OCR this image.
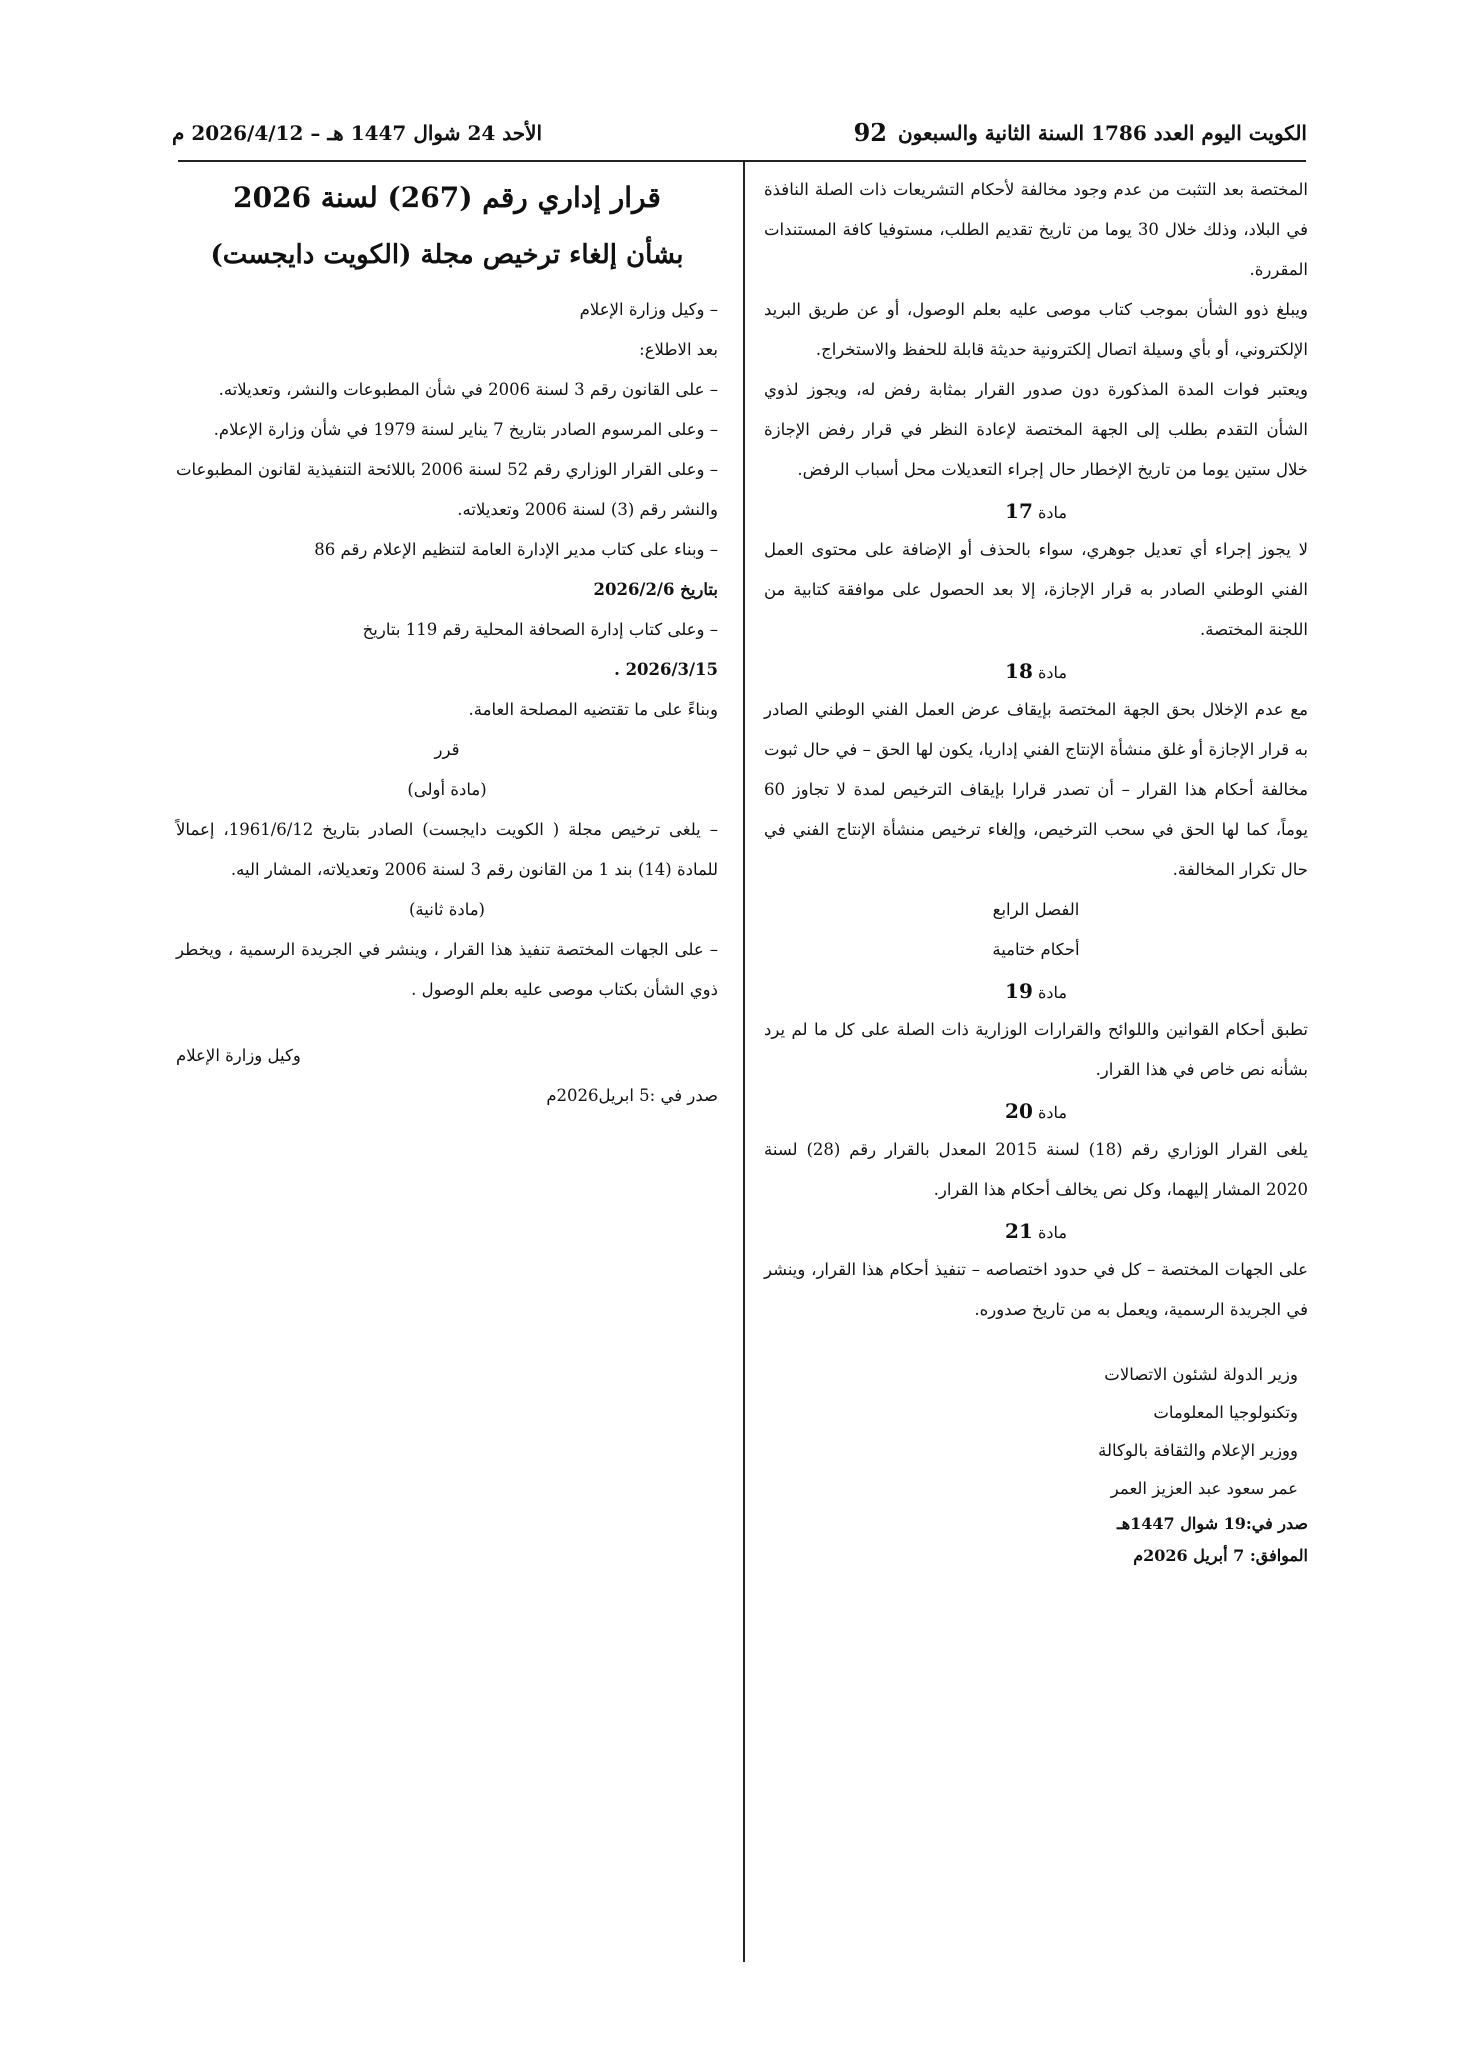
الكويت اليوم العدد 1786 السنة الثانية والسبعون
92
الأحد 24 شوال 1447 هـ – 2026/4/12 م

المختصة بعد التثبت من عدم وجود مخالفة لأحكام التشريعات ذات الصلة النافذة في البلاد، وذلك خلال 30 يوما من تاريخ تقديم الطلب، مستوفيا كافة المستندات المقررة.

ويبلغ ذوو الشأن بموجب كتاب موصى عليه بعلم الوصول، أو عن طريق البريد الإلكتروني، أو بأي وسيلة اتصال إلكترونية حديثة قابلة للحفظ والاستخراج.

ويعتبر فوات المدة المذكورة دون صدور القرار بمثابة رفض له، ويجوز لذوي الشأن التقدم بطلب إلى الجهة المختصة لإعادة النظر في قرار رفض الإجازة خلال ستين يوما من تاريخ الإخطار حال إجراء التعديلات محل أسباب الرفض.

مادة 17

لا يجوز إجراء أي تعديل جوهري، سواء بالحذف أو الإضافة على محتوى العمل الفني الوطني الصادر به قرار الإجازة، إلا بعد الحصول على موافقة كتابية من اللجنة المختصة.

مادة 18

مع عدم الإخلال بحق الجهة المختصة بإيقاف عرض العمل الفني الوطني الصادر به قرار الإجازة أو غلق منشأة الإنتاج الفني إداريا، يكون لها الحق – في حال ثبوت مخالفة أحكام هذا القرار – أن تصدر قرارا بإيقاف الترخيص لمدة لا تجاوز 60 يوماً، كما لها الحق في سحب الترخيص، وإلغاء ترخيص منشأة الإنتاج الفني في حال تكرار المخالفة.

الفصل الرابع

أحكام ختامية

مادة 19

تطبق أحكام القوانين واللوائح والقرارات الوزارية ذات الصلة على كل ما لم يرد بشأنه نص خاص في هذا القرار.

مادة 20

يلغى القرار الوزاري رقم (18) لسنة 2015 المعدل بالقرار رقم (28) لسنة 2020 المشار إليهما، وكل نص يخالف أحكام هذا القرار.

مادة 21

على الجهات المختصة – كل في حدود اختصاصه – تنفيذ أحكام هذا القرار، وينشر في الجريدة الرسمية، ويعمل به من تاريخ صدوره.

وزير الدولة لشئون الاتصالات

وتكنولوجيا المعلومات

ووزير الإعلام والثقافة بالوكالة

عمر سعود عبد العزيز العمر

صدر في:19 شوال 1447هـ

الموافق: 7 أبريل 2026م

قرار إداري رقم (267) لسنة 2026
بشأن إلغاء ترخيص مجلة (الكويت دايجست)

– وكيل وزارة الإعلام

بعد الاطلاع:

– على القانون رقم 3 لسنة 2006 في شأن المطبوعات والنشر، وتعديلاته.

– وعلى المرسوم الصادر بتاريخ 7 يناير لسنة 1979 في شأن وزارة الإعلام.

– وعلى القرار الوزاري رقم 52 لسنة 2006 باللائحة التنفيذية لقانون المطبوعات والنشر رقم (3) لسنة 2006 وتعديلاته.

– وبناء على كتاب مدير الإدارة العامة لتنظيم الإعلام رقم 86

بتاريخ 2026/2/6

– وعلى كتاب إدارة الصحافة المحلية رقم 119 بتاريخ

2026/3/15 .

وبناءً على ما تقتضيه المصلحة العامة.

قرر

(مادة أولى)

– يلغى ترخيص مجلة ( الكويت دايجست) الصادر بتاريخ 1961/6/12، إعمالاً للمادة (14) بند 1 من القانون رقم 3 لسنة 2006 وتعديلاته، المشار اليه.

(مادة ثانية)

– على الجهات المختصة تنفيذ هذا القرار ، وينشر في الجريدة الرسمية ، ويخطر ذوي الشأن بكتاب موصى عليه بعلم الوصول .

وكيل وزارة الإعلام

صدر في :5 ابريل2026م
